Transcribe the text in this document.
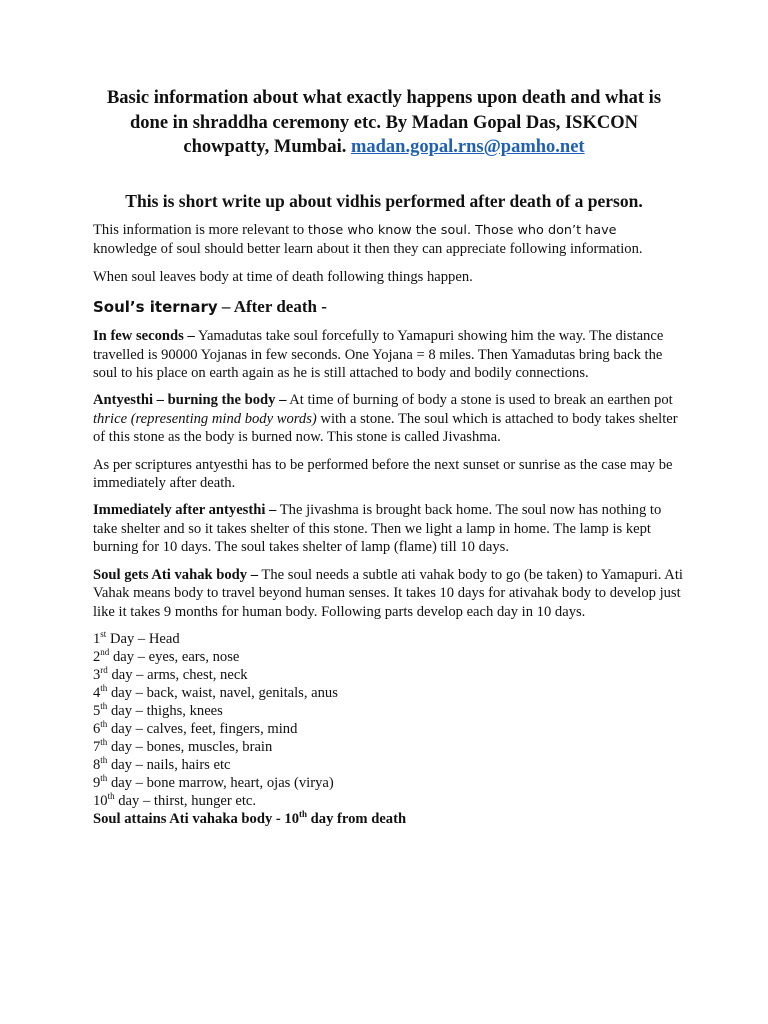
Basic information about what exactly happens upon death and what is done in shraddha ceremony etc. By Madan Gopal Das, ISKCON chowpatty, Mumbai. madan.gopal.rns@pamho.net
This is short write up about vidhis performed after death of a person.

This information is more relevant to those who know the soul. Those who don’t have knowledge of soul should better learn about it then they can appreciate following information.

When soul leaves body at time of death following things happen.

Soul’s iternary – After death -

In few seconds – Yamadutas take soul forcefully to Yamapuri showing him the way. The distance travelled is 90000 Yojanas in few seconds. One Yojana = 8 miles. Then Yamadutas bring back the soul to his place on earth again as he is still attached to body and bodily connections.

Antyesthi – burning the body – At time of burning of body a stone is used to break an earthen pot thrice (representing mind body words) with a stone. The soul which is attached to body takes shelter of this stone as the body is burned now. This stone is called Jivashma.

As per scriptures antyesthi has to be performed before the next sunset or sunrise as the case may be immediately after death.

Immediately after antyesthi – The jivashma is brought back home. The soul now has nothing to take shelter and so it takes shelter of this stone. Then we light a lamp in home. The lamp is kept burning for 10 days. The soul takes shelter of lamp (flame) till 10 days.

Soul gets Ati vahak body – The soul needs a subtle ati vahak body to go (be taken) to Yamapuri. Ati Vahak means body to travel beyond human senses. It takes 10 days for ativahak body to develop just like it takes 9 months for human body. Following parts develop each day in 10 days.

1st Day – Head
2nd day – eyes, ears, nose
3rd day – arms, chest, neck
4th day – back, waist, navel, genitals, anus
5th day – thighs, knees
6th day – calves, feet, fingers, mind
7th day – bones, muscles, brain
8th day – nails, hairs etc
9th day – bone marrow, heart, ojas (virya)
10th day – thirst, hunger etc.

Soul attains Ati vahaka body - 10th day from death
